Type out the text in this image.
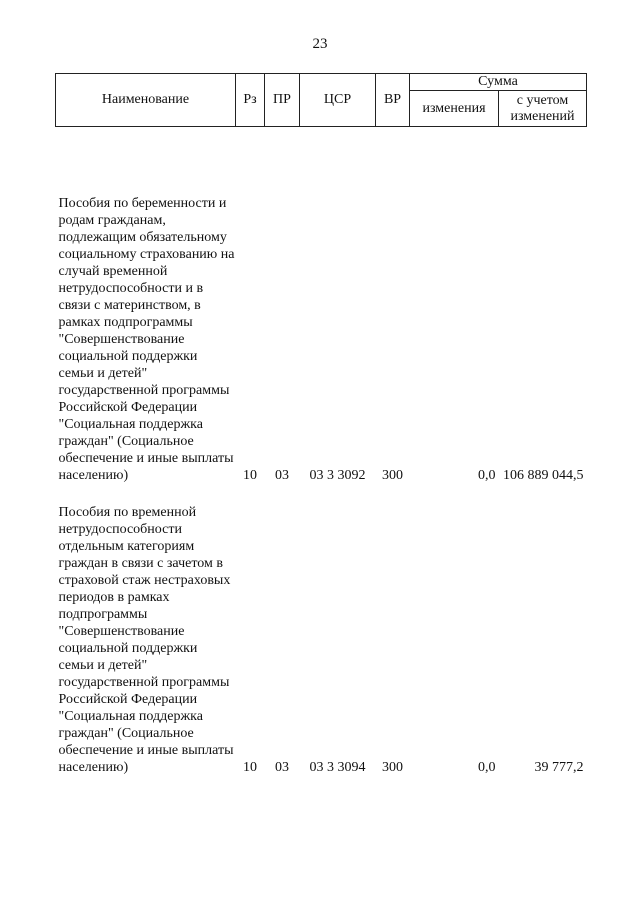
23
Наименование	Рз	ПР	ЦСР	ВР	Сумма	
					изменения	с учетом изменений

Пособия по беременности и родам гражданам, подлежащим обязательному социальному страхованию на случай временной нетрудоспособности и в связи с материнством, в рамках подпрограммы "Совершенствование социальной поддержки семьи и детей" государственной программы Российской Федерации "Социальная поддержка граждан" (Социальное обеспечение и иные выплаты населению)	10	03	03 3 3092	300	0,0	106 889 044,5

Пособия по временной нетрудоспособности отдельным категориям граждан в связи с зачетом в страховой стаж нестраховых периодов в рамках подпрограммы "Совершенствование социальной поддержки семьи и детей" государственной программы Российской Федерации "Социальная поддержка граждан" (Социальное обеспечение и иные выплаты населению)	10	03	03 3 3094	300	0,0	39 777,2
